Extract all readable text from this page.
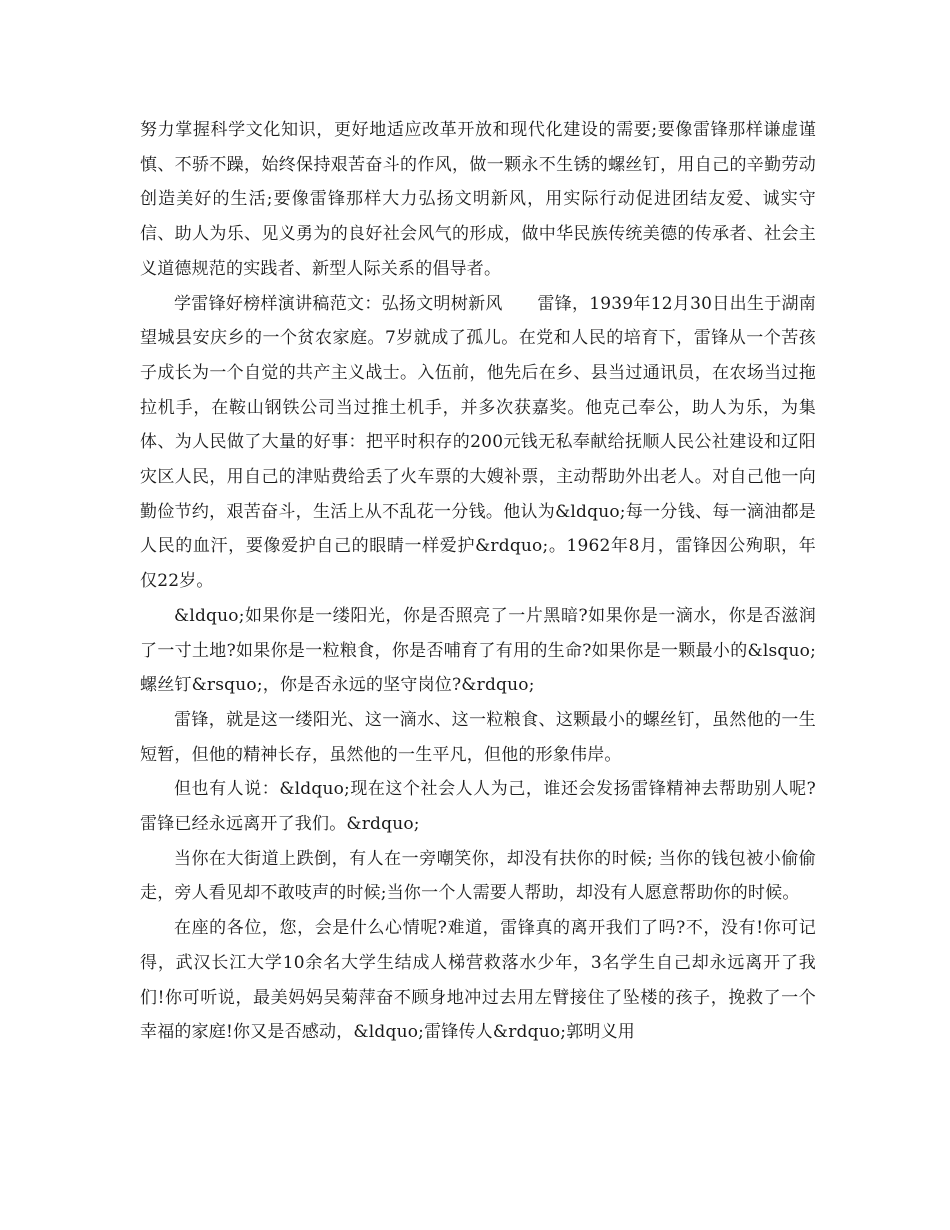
努力掌握科学文化知识，更好地适应改革开放和现代化建设的需要;要像雷锋那样谦虚谨慎、不骄不躁，始终保持艰苦奋斗的作风，做一颗永不生锈的螺丝钉，用自己的辛勤劳动创造美好的生活;要像雷锋那样大力弘扬文明新风，用实际行动促进团结友爱、诚实守信、助人为乐、见义勇为的良好社会风气的形成，做中华民族传统美德的传承者、社会主义道德规范的实践者、新型人际关系的倡导者。

学雷锋好榜样演讲稿范文：弘扬文明树新风　　雷锋，1939年12月30日出生于湖南望城县安庆乡的一个贫农家庭。7岁就成了孤儿。在党和人民的培育下，雷锋从一个苦孩子成长为一个自觉的共产主义战士。入伍前，他先后在乡、县当过通讯员，在农场当过拖拉机手，在鞍山钢铁公司当过推土机手，并多次获嘉奖。他克己奉公，助人为乐，为集体、为人民做了大量的好事：把平时积存的200元钱无私奉献给抚顺人民公社建设和辽阳灾区人民，用自己的津贴费给丢了火车票的大嫂补票，主动帮助外出老人。对自己他一向勤俭节约，艰苦奋斗，生活上从不乱花一分钱。他认为&ldquo;每一分钱、每一滴油都是人民的血汗，要像爱护自己的眼睛一样爱护&rdquo;。1962年8月，雷锋因公殉职，年仅22岁。

&ldquo;如果你是一缕阳光，你是否照亮了一片黑暗?如果你是一滴水，你是否滋润了一寸土地?如果你是一粒粮食，你是否哺育了有用的生命?如果你是一颗最小的&lsquo;螺丝钉&rsquo;，你是否永远的坚守岗位?&rdquo;

雷锋，就是这一缕阳光、这一滴水、这一粒粮食、这颗最小的螺丝钉，虽然他的一生短暂，但他的精神长存，虽然他的一生平凡，但他的形象伟岸。

但也有人说：&ldquo;现在这个社会人人为己，谁还会发扬雷锋精神去帮助别人呢?雷锋已经永远离开了我们。&rdquo;

当你在大街道上跌倒，有人在一旁嘲笑你，却没有扶你的时候; 当你的钱包被小偷偷走，旁人看见却不敢吱声的时候;当你一个人需要人帮助，却没有人愿意帮助你的时候。

在座的各位，您，会是什么心情呢?难道，雷锋真的离开我们了吗?不，没有!你可记得，武汉长江大学10余名大学生结成人梯营救落水少年，3名学生自己却永远离开了我们!你可听说，最美妈妈吴菊萍奋不顾身地冲过去用左臂接住了坠楼的孩子，挽救了一个幸福的家庭!你又是否感动，&ldquo;雷锋传人&rdquo;郭明义用
